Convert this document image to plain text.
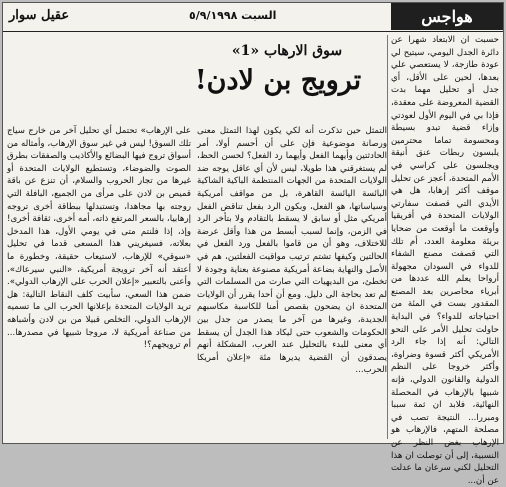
هواجس
السبت ٥/٩/١٩٩٨
عقيل سوار

حسبت ان الابتعاد شهرا عن دائرة الجدل اليومي، سيتيح لي عودة طازجة، لا يستعصي علي بعدها، لحين على الأقل، أي جدل أو تحليل مهما بدت القضية المعروضة على معقدة، فإذا بي في اليوم الأول لعودتي وإزاء قضية تبدو بسيطة ومحسومة تماما محترمين يلبسون ربطات عنق أنيقة ويجلسون على كراسي في الأمم المتحدة، أعجز عن تحليل موقف أكثر إرهابا، هل هي الأيدي التي قصفت سفارتي الولايات المتحدة في أفريقيا وأوقعت ما أوقعت من ضحايا بريئة معلومة العدد، أم تلك التي قصفت مصنع الشفاء للدواء في السودان مجهولة أرواحا يعلم الله عددها من أبرياء محاصرين بعد المصنع المقدور بست في المئة من احتياجاته للدواء؟ في البداية حاولت تحليل الأمر على النحو التالي: أنه إذا جاء الرد الأمريكي أكثر قسوة وضراوة، وأكثر خروجا على النظم الدولية والقانون الدولي، فإنه شبيها بالإرهاب في المحصلة النهائية، فلابد ان ثمة سببا ومبررا... النتيجة تصب في مصلحة المتهم، فالإرهاب هو الإرهاب بغض النظر عن النسبية، إلى أن توصلت ان هذا التحليل لكني سرعان ما عدلت عن أن...

سوق الارهاب «1»
ترويج بن لادن!

التمثل حين تذكرت أنه لكي يكون لهذا التمثل معنى ورصانة موضوعية فإن على أن أحسم أولا، أمر الحادثتين وأيهما الفعل وأيهما رد الفعل؟ لحسن الحظ، لم يستغرقني هذا طويلا، ليس لأن أي عاقل يوجه ضد الولايات المتحدة من الجهات المنتظمة الباكية الشاكية البائسة اليائسة القاهرة، بل من مواقف أمريكية وسياساتها، هو الفعل، وبكون الرد بفعل تناقض الفعل أمريكي مثل أو سابق لا يسقط بالتقادم ولا بتأخر الرد في الزمن، وإنما لسبب أبسط من هذا وأقل عرضة للاختلاف، وهو أن من قاموا بالفعل ورد الفعل في الحالتين وكيفها تشتم ترتيب مواقيت الفعلتين، هم في الأصل والنهاية بضاعة أمريكية مصنوعة بعناية وجودة لا تخطئ، من البديهيات التي صارت من المسلمات التي لم تعد بحاجة الى دليل. ومع أن أحدا يقرر أن الولايات المتحدة ان يضحون بقصص أمنا للكاسبة مكاسبهم الجديدة، وغيرها من آخر ما يصدر من جدل بين الحكومات والشعوب حتى ليكاد هذا الجدل أن يسقط أي معنى للبدء بالتحليل عند العرب، المشكلة أنهم يصدقون أن القضية يديرها مئة «إعلان أمريكا الحرب...

على الإرهاب» تحتمل أي تحليل آخر من خارج سياج تلك السوق! ليس في غير سوق الإرهاب، وأمثاله من أسواق تروج فيها البضائع والأكاذيب والصفقات بطرق الصوت والضوضاء، وتستطيع الولايات المتحدة أو غيرها من تجار الحروب والسلام، أن تنزع عن باقة قميص بن لادن على مرأى من الجميع، البافلة التي روجته بها مجاهدا، وتستبدلها ببطاقة أخرى تروجه إرهابيا، بالسعر المرتفع ذاته، أمه أخرى، ثقافة أخرى! وإذ، إذا فلنتم متى في يومي الأول، هذا المدخل بعلاته، فسيغريني هذا المسعى قدما في تحليل «سوقي» للإرهاب، لاستيعاب حقيقة، وخطورة ما أعتقد أنه آخر ترويجة أمريكية، «النبي سيرعاك»، وأعنى بالتعبير «إعلان الحرب على الإرهاب الدولي». ضمن هذا السعي، سأبيت كلف النقاط التالية: هل تريد الولايات المتحدة بإعلانها الحرب الى ما تسميه الإرهاب الدولي، التخلص قبيلا من بن لادن وأشباهه من صناعة أمريكية لا، مروجا شبيها في مصدرها... أم ترويجهم؟!
